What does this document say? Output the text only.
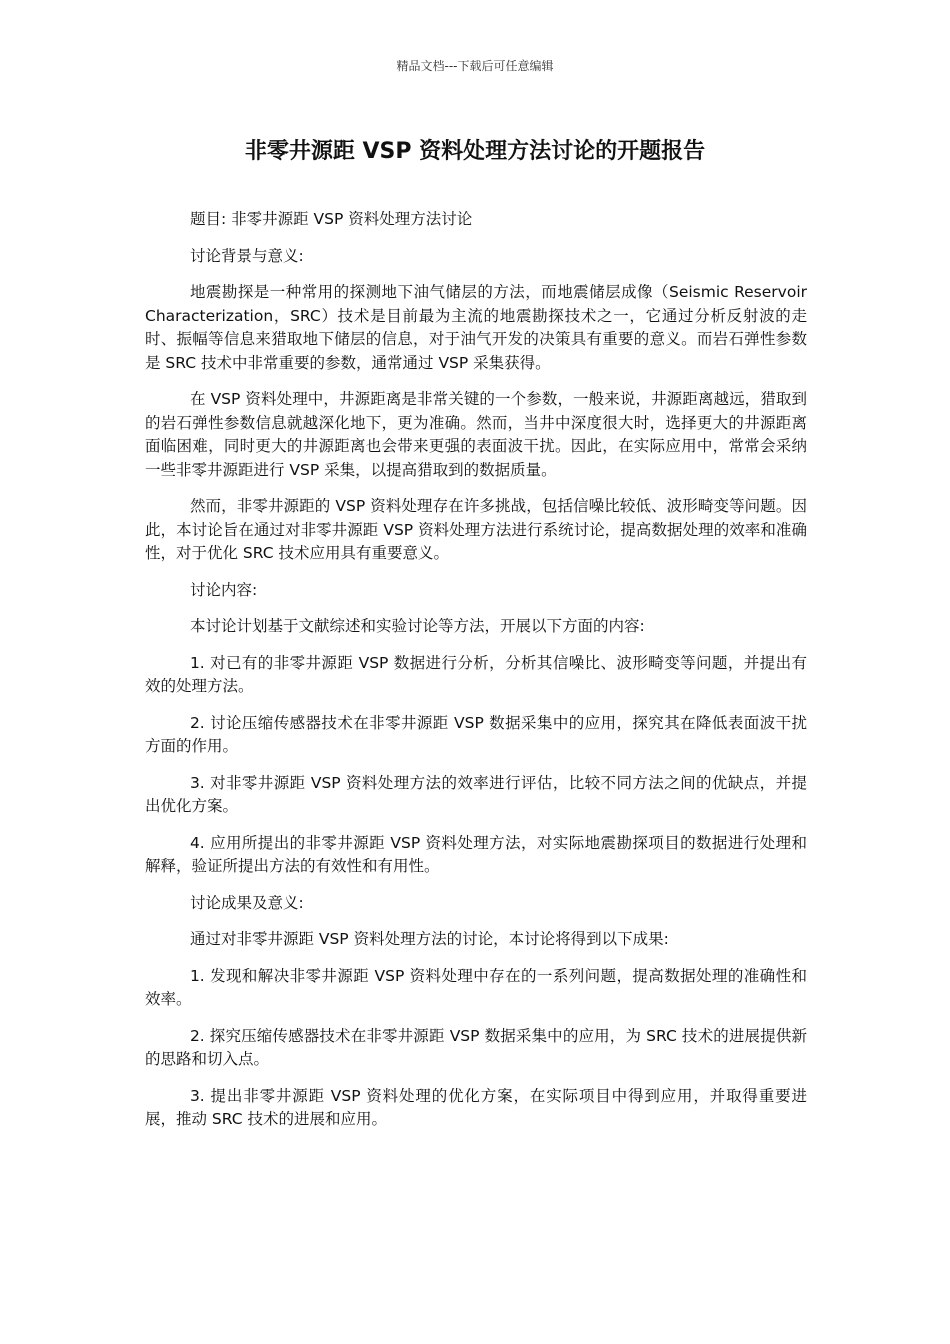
精品文档---下载后可任意编辑
非零井源距 VSP 资料处理方法讨论的开题报告

题目: 非零井源距 VSP 资料处理方法讨论

讨论背景与意义:

地震勘探是一种常用的探测地下油气储层的方法，而地震储层成像（Seismic Reservoir Characterization，SRC）技术是目前最为主流的地震勘探技术之一，它通过分析反射波的走时、振幅等信息来猎取地下储层的信息，对于油气开发的决策具有重要的意义。而岩石弹性参数是 SRC 技术中非常重要的参数，通常通过 VSP 采集获得。

在 VSP 资料处理中，井源距离是非常关键的一个参数，一般来说，井源距离越远，猎取到的岩石弹性参数信息就越深化地下，更为准确。然而，当井中深度很大时，选择更大的井源距离面临困难，同时更大的井源距离也会带来更强的表面波干扰。因此，在实际应用中，常常会采纳一些非零井源距进行 VSP 采集，以提高猎取到的数据质量。

然而，非零井源距的 VSP 资料处理存在许多挑战，包括信噪比较低、波形畸变等问题。因此，本讨论旨在通过对非零井源距 VSP 资料处理方法进行系统讨论，提高数据处理的效率和准确性，对于优化 SRC 技术应用具有重要意义。

讨论内容:

本讨论计划基于文献综述和实验讨论等方法，开展以下方面的内容:

1. 对已有的非零井源距 VSP 数据进行分析，分析其信噪比、波形畸变等问题，并提出有效的处理方法。

2. 讨论压缩传感器技术在非零井源距 VSP 数据采集中的应用，探究其在降低表面波干扰方面的作用。

3. 对非零井源距 VSP 资料处理方法的效率进行评估，比较不同方法之间的优缺点，并提出优化方案。

4. 应用所提出的非零井源距 VSP 资料处理方法，对实际地震勘探项目的数据进行处理和解释，验证所提出方法的有效性和有用性。

讨论成果及意义:

通过对非零井源距 VSP 资料处理方法的讨论，本讨论将得到以下成果:

1. 发现和解决非零井源距 VSP 资料处理中存在的一系列问题，提高数据处理的准确性和效率。

2. 探究压缩传感器技术在非零井源距 VSP 数据采集中的应用，为 SRC 技术的进展提供新的思路和切入点。

3. 提出非零井源距 VSP 资料处理的优化方案，在实际项目中得到应用，并取得重要进展，推动 SRC 技术的进展和应用。
